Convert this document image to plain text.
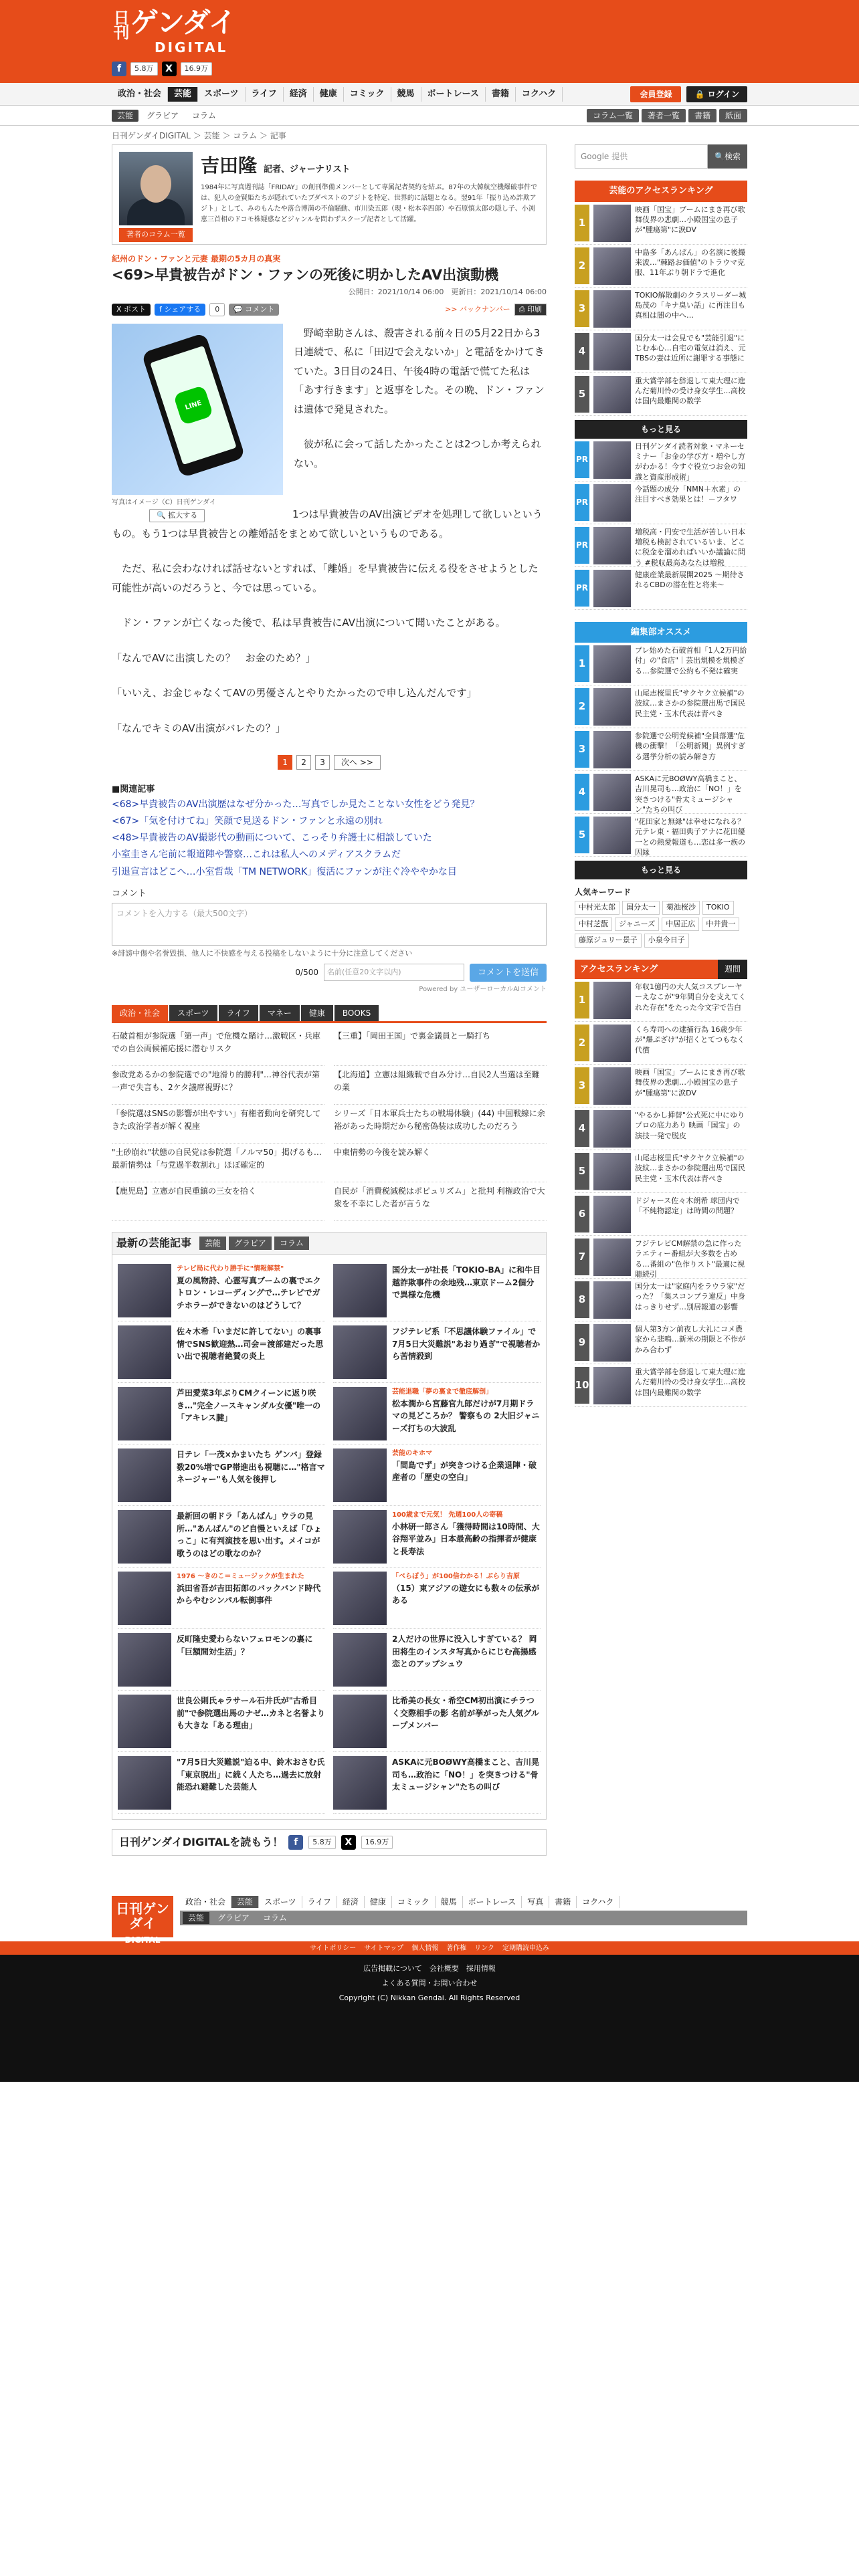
日刊 ゲンダイ
DIGITAL
f	5.8万	X	16.9万
政治・社会	芸能	スポーツ	ライフ	経済	健康	コミック	競馬	ボートレース	書籍	コクハク	会員登録	🔒 ログイン
芸能	グラビア	コラム	コラム一覧	著者一覧	書籍	紙面
日刊ゲンダイDIGITAL ＞ 芸能 ＞ コラム ＞ 記事
著者のコラム一覧
吉田隆 記者、ジャーナリスト
1984年に写真週刊誌「FRIDAY」の創刊準備メンバーとして専属記者契約を結ぶ。87年の大韓航空機爆破事件では、犯人の金賢姫たちが隠れていたブダペストのアジトを特定、世界的に話題となる。翌91年「振り込め詐欺アジト」として、みのもんたや落合博満の不倫騒動、市川染五郎（現・松本幸四郎）や石原慎太郎の隠し子、小渕恵三首相のドコモ株疑惑などジャンルを問わずスクープ記者として活躍。
紀州のドン・ファンと元妻 最期の5カ月の真実
<69>早貴被告がドン・ファンの死後に明かしたAV出演動機
公開日：2021/10/14 06:00　更新日：2021/10/14 06:00
X ポスト	f シェアする	0	💬 コメント	>> バックナンバー	⎙ 印刷
LINE
写真はイメージ（C）日刊ゲンダイ
🔍 拡大する

野崎幸助さんは、殺害される前々日の5月22日から3日連続で、私に「田辺で会えないか」と電話をかけてきていた。3日目の24日、午後4時の電話で慌てた私は「あす行きます」と返事をした。その晩、ドン・ファンは遺体で発見された。

彼が私に会って話したかったことは2つしか考えられない。

1つは早貴被告のAV出演ビデオを処理して欲しいというもの。もう1つは早貴被告との離婚話をまとめて欲しいというものである。

ただ、私に会わなければ話せないとすれば、「離婚」を早貴被告に伝える役をさせようとした可能性が高いのだろうと、今では思っている。

ドン・ファンが亡くなった後で、私は早貴被告にAV出演について聞いたことがある。

「なんでAVに出演したの？　お金のため？」

「いいえ、お金じゃなくてAVの男優さんとやりたかったので申し込んだんです」

「なんでキミのAV出演がバレたの？」

1	2	3	次へ >>
■関連記事
<68>早貴被告のAV出演歴はなぜ分かった…写真でしか見たことない女性をどう発見？
<67>「気を付けてね」笑顔で見送るドン・ファンと永遠の別れ
<48>早貴被告のAV撮影代の動画について、こっそり弁護士に相談していた
小室圭さん宅前に報道陣や警察…これは私人へのメディアスクラムだ
引退宣言はどこへ…小室哲哉「TM NETWORK」復活にファンが注ぐ冷ややかな目
コメント
コメントを入力する（最大500文字）
※誹謗中傷や名誉毀損、他人に不快感を与える投稿をしないように十分に注意してください
0/500	名前(任意20文字以内)	コメントを送信
Powered by ユーザーローカルAIコメント
政治・社会	スポーツ	ライフ	マネー	健康	BOOKS
石破首相が参院選「第一声」で危機な賭け…激戦区・兵庫での自公両候補応援に潜むリスク
【三重】「岡田王国」で裏金議員と一騎打ち
参政党あるかの参院選での"地滑り的勝利"…神谷代表が第一声で失言も、2ケタ議席視野に？
【北海道】立憲は組織戦で自み分け…自民2人当選は至難の業
「参院選はSNSの影響が出やすい」有権者動向を研究してきた政治学者が解く視座
シリーズ「日本軍兵士たちの戦場体験」(44) 中国戦線に余裕があった時期だから秘密偽装は成功したのだろう
"土砂崩れ"状態の自民党は参院選「ノルマ50」掲げるも…最新情勢は「与党過半数割れ」ほぼ確定的
中東情勢の今後を読み解く
【鹿児島】立憲が自民重鎮の三女を拾く	自民が「消費税減税はポピュリズム」と批判 利権政治で大衆を不幸にした者が言うな
最新の芸能記事	芸能	グラビア	コラム
テレビ局に代わり勝手に"情報解禁"
夏の風物詩、心霊写真ブームの裏でエクトロン・レコーディングで…テレビでガチホラーができないのはどうして？
国分太一が社長「TOKIO-BA」に和牛目越詐欺事件の余地残…東京ドーム2個分で異様な危機
佐々木希「いまだに許してない」の裏事情でSNS歓迎熱…司会＝渡部建だった思い出で視聴者絶賛の炎上
フジテレビ系「不思議体験ファイル」で7月5日大災難説"あおり過ぎ"で視聴者から苦情殺到
芦田愛菜3年ぶりCMクイーンに返り咲き…"完全ノースキャンダル女優"唯一の「アキレス腱」
芸能退職「夢の裏まで徹底解剖」
松本潤から宮藤官九郎だけが7月期ドラマの見どころか？ 警察もの 2大旧ジャニーズ打ちの大波乱
日テレ「一茂×かまいたち ゲンバ」登録数20%増でGP帯進出も視聴に…"格言マネージャー"も人気を後押し
芸能のキホマ
「間島でず」が突きつける企業退陣・破産者の「歴史の空白」
最新回の朝ドラ「あんぱん」ウラの見所…"あんぱん"のど自慢といえば「ひょっこ」に有判演技を思い出す。メイコが歌うのはどの歌なのか？
100歳まで元気！ 先週100人の寄稿
小林研一郎さん「獲得時間は10時間、大谷翔平並み」日本最高齢の指揮者が健康と長寿法
1976 ～きのこ＝ミュージックが生まれた
浜田省吾が吉田拓郎のバックバンド時代からやむシンパル転倒事件
「べらぼう」が100倍わかる！ぶらり吉原
（15）東アジアの遊女にも数々の伝承がある
反町隆史愛わらないフェロモンの裏に「巨額間対生活」？
2人だけの世界に没入しすぎている？ 岡田将生のインスタ写真からにじむ高揚感恋とのアップシュウ
世良公則氏ゃラサール石井氏が"古希目前"で参院選出馬のナゼ…カネと名誉よりも大きな「ある理由」
比希美の長女・希空CM初出演にチラつく交際相手の影 名前が挙がった人気グループメンバー
"7月5日大災難説"迫る中、鈴木おさむ氏「東京脱出」に続く人たち…過去に放射能恐れ避難した芸能人
ASKAに元BOØWY高橋まこと、吉川晃司も…政治に「NO！」を突きつける"骨太ミュージシャン"たちの叫び
日刊ゲンダイDIGITALを読もう！	f	5.8万	X	16.9万
Google 提供	🔍検索
芸能のアクセスランキング
1
映画「国宝」ブームにまき再び歌舞伎界の悲劇…小殿国宝の息子が"腫瘍第"に涙DV
2
中島多「あんぱん」の名演に後撮来波…"棘路お価値"のトラウマ克服、11年ぶり朝ドラで進化
3
TOKIO解散劇のクラスリーダー城島茂の「キナ臭い話」に再注目も真相は闇の中へ…
4
国分太一は会見でも"芸能引退"にじむ本心…自宅の電気は消え、元TBSの妻は近所に謝罪する事態に
5
重大賞学部を辞退して東大理に進んだ菊川怜の受け身女学生…高校は国内最難関の数学
もっと見る
PR
日刊ゲンダイ読者対象・マネーセミナー「お金の学び方・増やし方がわかる！今すぐ役立つお金の知識と資産形成術」
PR
今話題の成分「NMN＋水素」の注目すべき効果とは！－フタワ
PR
増税高・円安で生活が苦しい日本 増税も検討されているいま、どこに税金を溜めればいいか議論に問う #税収最高あなたは増税
PR
健康産業最新展開2025 ～期待されるCBDの潜在性と将来～
編集部オススメ
1
プレ始めた石破首相「1人2万円給付」の"食店"｜芸出規模を規模ざる…参院選で公約も不発は確実
2
山尾志桜里氏"サクヤク立候補"の波紋…まさかの参院選出馬で国民民主党・玉木代表は青ぺき
3
参院選で公明党候補"全員落選"危機の衝撃！「公明新聞」異例すぎる選挙分析の読み解き方
4
ASKAに元BOØWY高橋まこと、吉川晃司も…政治に「NO！」を突きつける"骨太ミュージシャン"たちの叫び
5
"花田家と無縁"は幸せになれる？ 元テレ東・福田典子アナに花田優一との熱愛報道も…恋は多一族の因縁
もっと見る
人気キーワード
中村光太郎	国分太一	菊池桜沙	TOKIO
中村芝翫	ジャニーズ	中居正広	中井貴一
藤原ジュリー景子	小泉今日子
アクセスランキング	週間
1
年収1億円の大人気コスプレーヤーえなこが"9年間自分を支えてくれた存在"をたった今文字で告白
2
くら寿司への逮捕行為 16歳少年が"爆ぷざけ"が招くとてつもなく代償
3
映画「国宝」ブームにまき再び歌舞伎界の悲劇…小殿国宝の息子が"腫瘍第"に涙DV
4
"やるかし挿替"公式死に中にゆりプロの底力あり 映画「国宝」の演技一発で脱皮
5
山尾志桜里氏"サクヤク立候補"の波紋…まさかの参院選出馬で国民民主党・玉木代表は青ぺき
6
ドジャース佐々木朗希 球団内で「不純物認定」は時間の問題？
7
フジテレビCM解禁の急に作ったラエティー番組が大多数を占める…番組の"色作りスト"最適に視聴続引
8
国分太一は"家庭内をラウラ家"だった？「集スコンプラ違反」中身はっきりせず…別居報道の影響
9
個人第3方ン前夜し大礼にコメ農家から悲鳴…新米の期限と不作がかみ合わず
10
重大賞学部を辞退して東大理に進んだ菊川怜の受け身女学生…高校は国内最難関の数学
日刊ゲンダイ
DIGITAL
政治・社会	芸能	スポーツ	ライフ	経済	健康	コミック	競馬	ボートレース	写真	書籍	コクハク
芸能	グラビア	コラム
サイトポリシー サイトマップ 個人情報 著作権 リンク 定期購読申込み
広告掲載について　会社概要　採用情報
よくある質問・お問い合わせ
Copyright (C) Nikkan Gendai. All Rights Reserved
